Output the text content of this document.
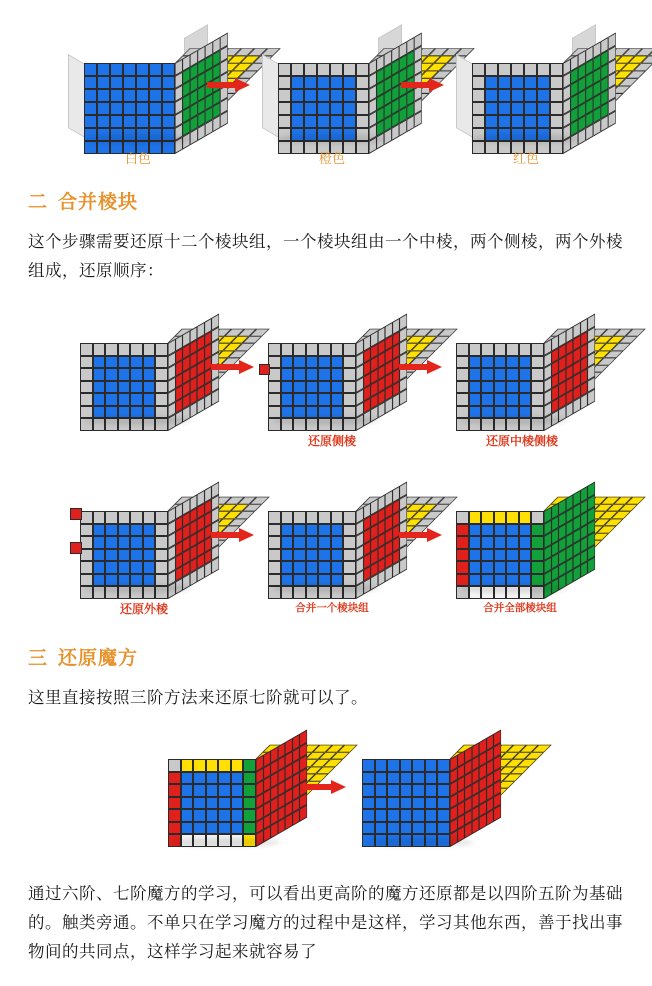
白色	橙色	红色
二 合并棱块
这个步骤需要还原十二个棱块组，一个棱块组由一个中棱，两个侧棱，两个外棱组成，还原顺序：
还原侧棱	还原中棱侧棱
还原外棱	合并一个棱块组	合并全部棱块组
三 还原魔方
这里直接按照三阶方法来还原七阶就可以了。
通过六阶、七阶魔方的学习，可以看出更高阶的魔方还原都是以四阶五阶为基础的。触类旁通。不单只在学习魔方的过程中是这样，学习其他东西，善于找出事物间的共同点，这样学习起来就容易了
